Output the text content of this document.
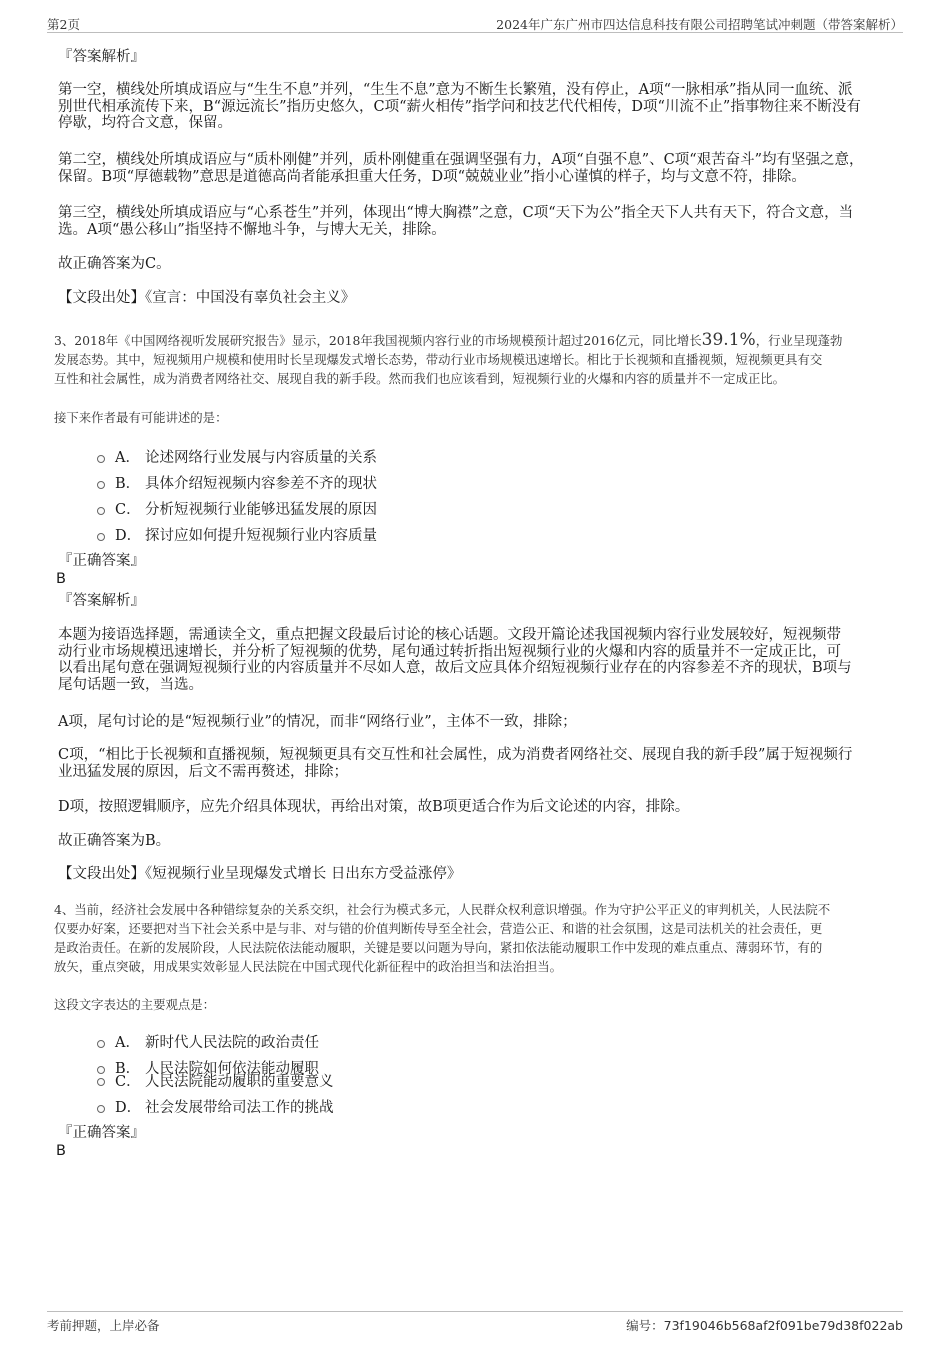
第2页	2024年广东广州市四达信息科技有限公司招聘笔试冲刺题（带答案解析）
『答案解析』
第一空，横线处所填成语应与“生生不息”并列，“生生不息”意为不断生长繁殖，没有停止，A项“一脉相承”指从同一血统、派
别世代相承流传下来，B“源远流长”指历史悠久，C项“薪火相传”指学问和技艺代代相传，D项“川流不止”指事物往来不断没有
停歇，均符合文意，保留。
第二空，横线处所填成语应与“质朴刚健”并列，质朴刚健重在强调坚强有力，A项“自强不息”、C项“艰苦奋斗”均有坚强之意，
保留。B项“厚德载物”意思是道德高尚者能承担重大任务，D项“兢兢业业”指小心谨慎的样子，均与文意不符，排除。
第三空，横线处所填成语应与“心系苍生”并列，体现出“博大胸襟”之意，C项“天下为公”指全天下人共有天下，符合文意，当
选。A项“愚公移山”指坚持不懈地斗争，与博大无关，排除。
故正确答案为C。
【文段出处】《宣言：中国没有辜负社会主义》
3、2018年《中国网络视听发展研究报告》显示，2018年我国视频内容行业的市场规模预计超过2016亿元，同比增长39.1%，行业呈现蓬勃
发展态势。其中，短视频用户规模和使用时长呈现爆发式增长态势，带动行业市场规模迅速增长。相比于长视频和直播视频，短视频更具有交
互性和社会属性，成为消费者网络社交、展现自我的新手段。然而我们也应该看到，短视频行业的火爆和内容的质量并不一定成正比。
接下来作者最有可能讲述的是：
A． 论述网络行业发展与内容质量的关系
B． 具体介绍短视频内容参差不齐的现状
C． 分析短视频行业能够迅猛发展的原因
D． 探讨应如何提升短视频行业内容质量
『正确答案』
B
『答案解析』
本题为接语选择题，需通读全文，重点把握文段最后讨论的核心话题。文段开篇论述我国视频内容行业发展较好，短视频带
动行业市场规模迅速增长，并分析了短视频的优势，尾句通过转折指出短视频行业的火爆和内容的质量并不一定成正比，可
以看出尾句意在强调短视频行业的内容质量并不尽如人意，故后文应具体介绍短视频行业存在的内容参差不齐的现状，B项与
尾句话题一致，当选。
A项，尾句讨论的是“短视频行业”的情况，而非“网络行业”，主体不一致，排除；
C项，“相比于长视频和直播视频，短视频更具有交互性和社会属性，成为消费者网络社交、展现自我的新手段”属于短视频行
业迅猛发展的原因，后文不需再赘述，排除；
D项，按照逻辑顺序，应先介绍具体现状，再给出对策，故B项更适合作为后文论述的内容，排除。
故正确答案为B。
【文段出处】《短视频行业呈现爆发式增长 日出东方受益涨停》
4、当前，经济社会发展中各种错综复杂的关系交织，社会行为模式多元，人民群众权利意识增强。作为守护公平正义的审判机关，人民法院不
仅要办好案，还要把对当下社会关系中是与非、对与错的价值判断传导至全社会，营造公正、和谐的社会氛围，这是司法机关的社会责任，更
是政治责任。在新的发展阶段，人民法院依法能动履职，关键是要以问题为导向，紧扣依法能动履职工作中发现的难点重点、薄弱环节，有的
放矢，重点突破，用成果实效彰显人民法院在中国式现代化新征程中的政治担当和法治担当。
这段文字表达的主要观点是：
A． 新时代人民法院的政治责任
B． 人民法院如何依法能动履职
C． 人民法院能动履职的重要意义
D． 社会发展带给司法工作的挑战
『正确答案』
B
考前押题，上岸必备	编号：73f19046b568af2f091be79d38f022ab
